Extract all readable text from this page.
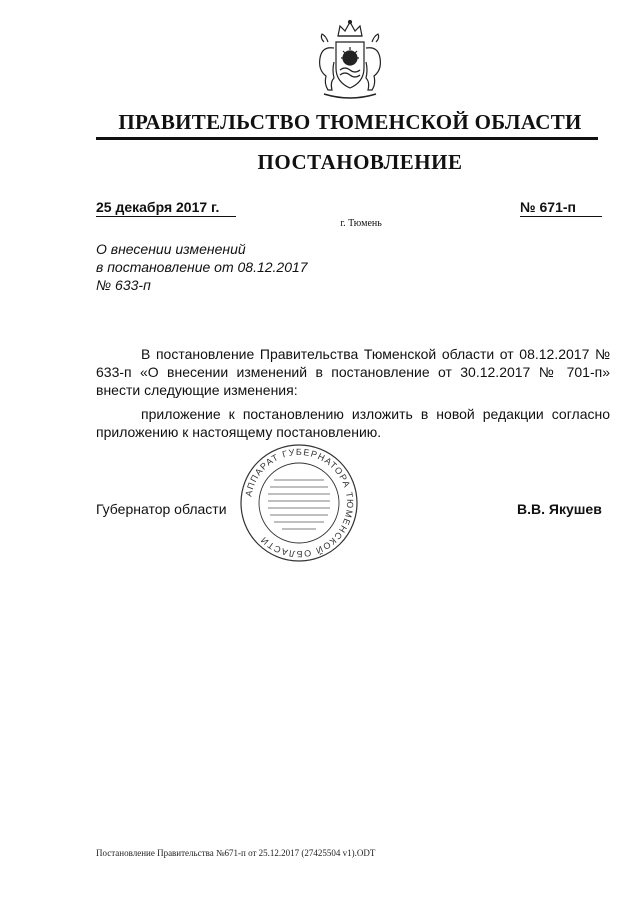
ПРАВИТЕЛЬСТВО ТЮМЕНСКОЙ ОБЛАСТИ
ПОСТАНОВЛЕНИЕ
25 декабря 2017 г.	№ 671-п
г. Тюмень
О внесении изменений
в постановление от 08.12.2017
№ 633-п

В постановление Правительства Тюменской области от 08.12.2017 № 633-п «О внесении изменений в постановление от 30.12.2017 № 701-п» внести следующие изменения:

приложение к постановлению изложить в новой редакции согласно приложению к настоящему постановлению.

АППАРАТ ГУБЕРНАТОРА ТЮМЕНСКОЙ ОБЛАСТИ
Губернатор области	В.В. Якушев
Постановление Правительства №671-п от 25.12.2017 (27425504 v1).ODT
